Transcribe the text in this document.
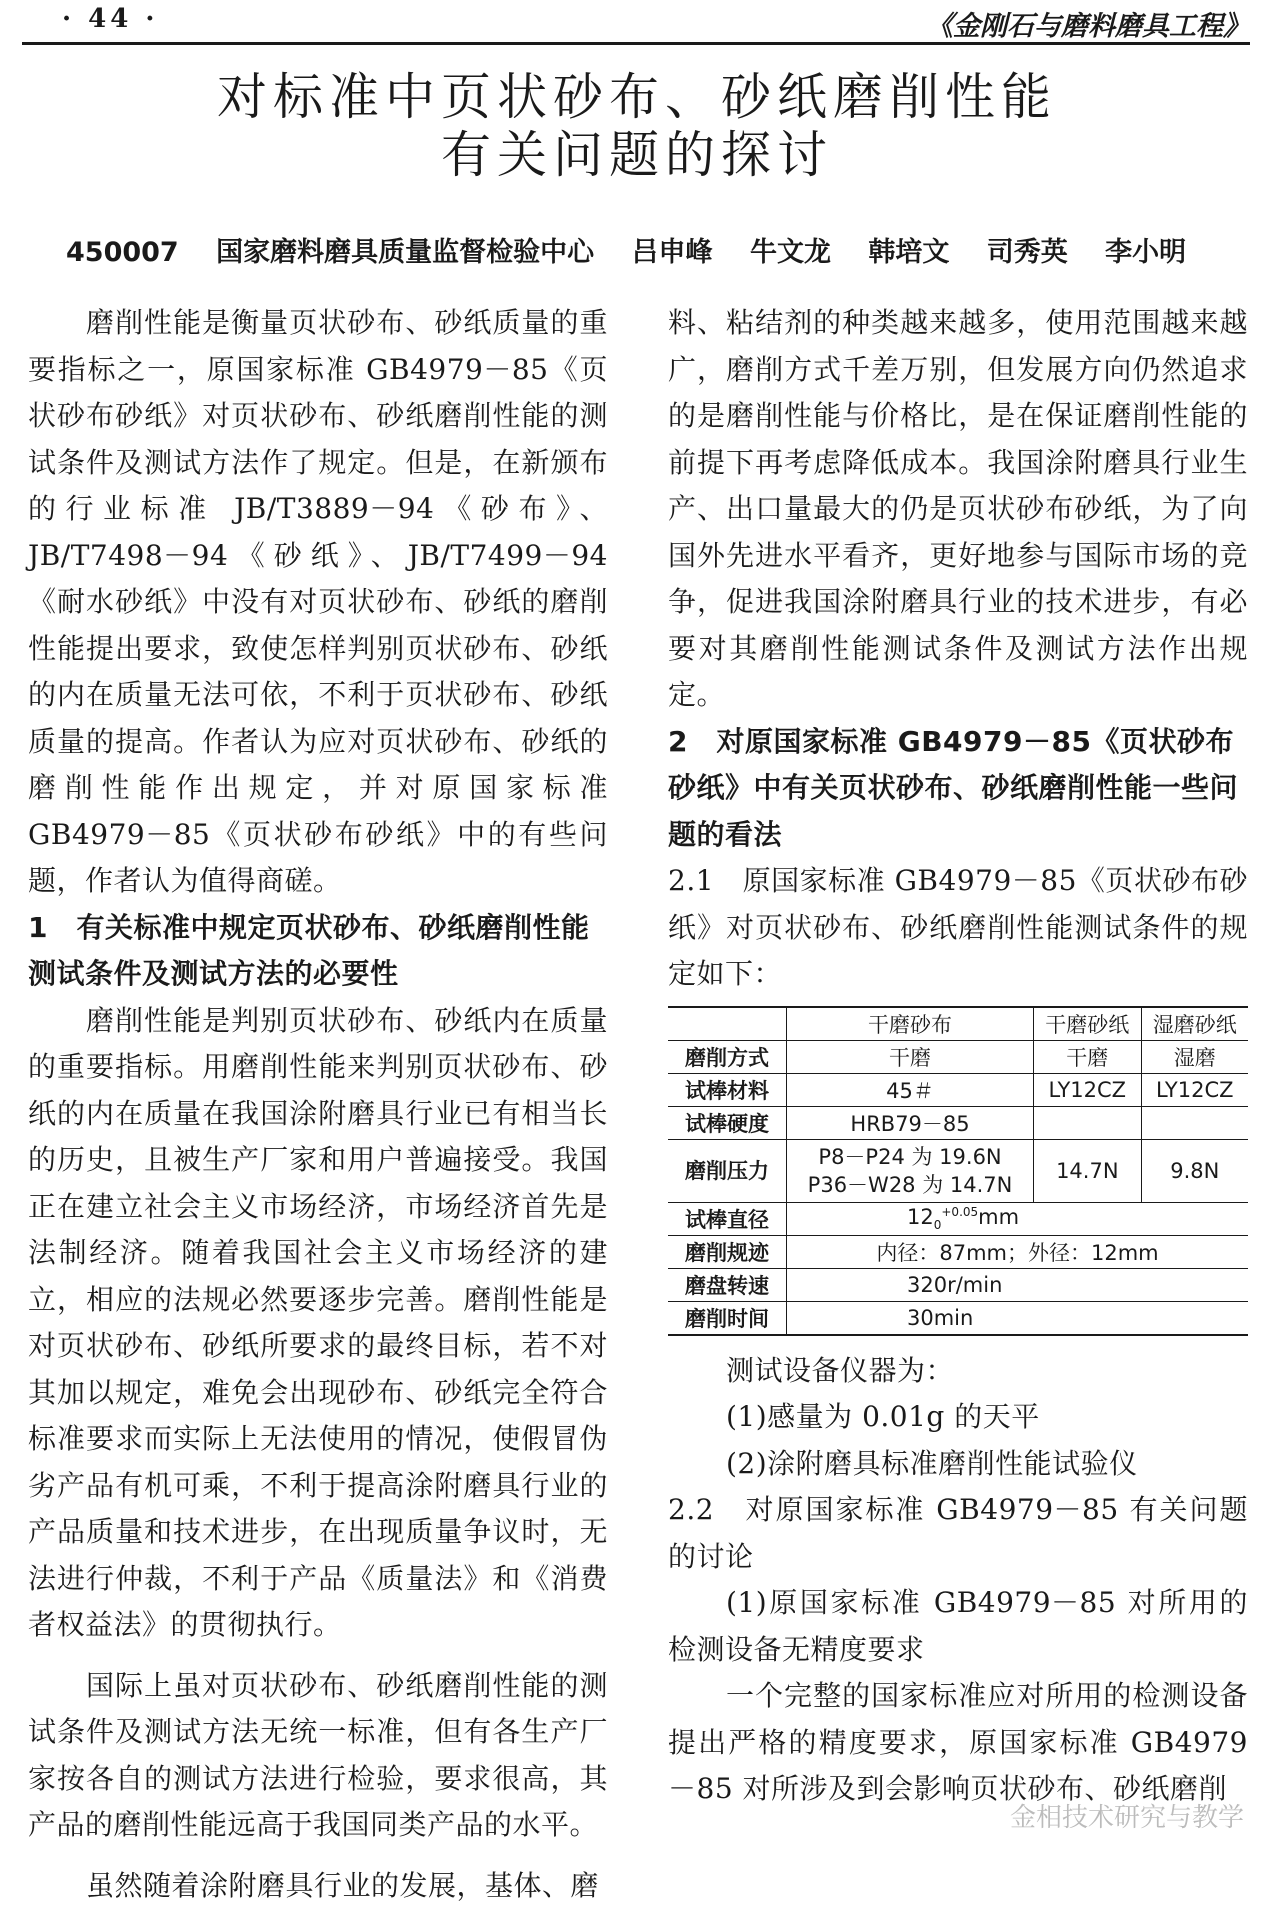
· 44 ·	《金刚石与磨料磨具工程》
对标准中页状砂布、砂纸磨削性能
有关问题的探讨
450007 国家磨料磨具质量监督检验中心 吕申峰 牛文龙 韩培文 司秀英 李小明

磨削性能是衡量页状砂布、砂纸质量的重要指标之一，原国家标准 GB4979－85《页状砂布砂纸》对页状砂布、砂纸磨削性能的测试条件及测试方法作了规定。但是，在新颁布的行业标准 JB/T3889－94《砂布》、JB/T7498－94《砂纸》、JB/T7499－94《耐水砂纸》中没有对页状砂布、砂纸的磨削性能提出要求，致使怎样判别页状砂布、砂纸的内在质量无法可依，不利于页状砂布、砂纸质量的提高。作者认为应对页状砂布、砂纸的磨削性能作出规定，并对原国家标准 GB4979－85《页状砂布砂纸》中的有些问题，作者认为值得商磋。

1　有关标准中规定页状砂布、砂纸磨削性能测试条件及测试方法的必要性

磨削性能是判别页状砂布、砂纸内在质量的重要指标。用磨削性能来判别页状砂布、砂纸的内在质量在我国涂附磨具行业已有相当长的历史，且被生产厂家和用户普遍接受。我国正在建立社会主义市场经济，市场经济首先是法制经济。随着我国社会主义市场经济的建立，相应的法规必然要逐步完善。磨削性能是对页状砂布、砂纸所要求的最终目标，若不对其加以规定，难免会出现砂布、砂纸完全符合标准要求而实际上无法使用的情况，使假冒伪劣产品有机可乘，不利于提高涂附磨具行业的产品质量和技术进步，在出现质量争议时，无法进行仲裁，不利于产品《质量法》和《消费者权益法》的贯彻执行。

国际上虽对页状砂布、砂纸磨削性能的测试条件及测试方法无统一标准，但有各生产厂家按各自的测试方法进行检验，要求很高，其产品的磨削性能远高于我国同类产品的水平。

虽然随着涂附磨具行业的发展，基体、磨

料、粘结剂的种类越来越多，使用范围越来越广，磨削方式千差万别，但发展方向仍然追求的是磨削性能与价格比，是在保证磨削性能的前提下再考虑降低成本。我国涂附磨具行业生产、出口量最大的仍是页状砂布砂纸，为了向国外先进水平看齐，更好地参与国际市场的竞争，促进我国涂附磨具行业的技术进步，有必要对其磨削性能测试条件及测试方法作出规定。

2　对原国家标准 GB4979－85《页状砂布砂纸》中有关页状砂布、砂纸磨削性能一些问题的看法

2.1　原国家标准 GB4979－85《页状砂布砂纸》对页状砂布、砂纸磨削性能测试条件的规定如下：

	干磨砂布	干磨砂纸	湿磨砂纸
磨削方式	干磨	干磨	湿磨
试棒材料	45＃	LY12CZ	LY12CZ
试棒硬度	HRB79－85		
磨削压力	P8－P24 为 19.6N
P36－W28 为 14.7N	14.7N	9.8N
试棒直径	$12_0^{+0.05}mm$		
磨削规迹	内径：87mm；外径：12mm		
磨盘转速	320r/min		
磨削时间	30min		

测试设备仪器为：

(1)感量为 0.01g 的天平

(2)涂附磨具标准磨削性能试验仪

2.2　对原国家标准 GB4979－85 有关问题的讨论

(1)原国家标准 GB4979－85 对所用的检测设备无精度要求

一个完整的国家标准应对所用的检测设备提出严格的精度要求，原国家标准 GB4979－85 对所涉及到会影响页状砂布、砂纸磨削

金相技术研究与教学
